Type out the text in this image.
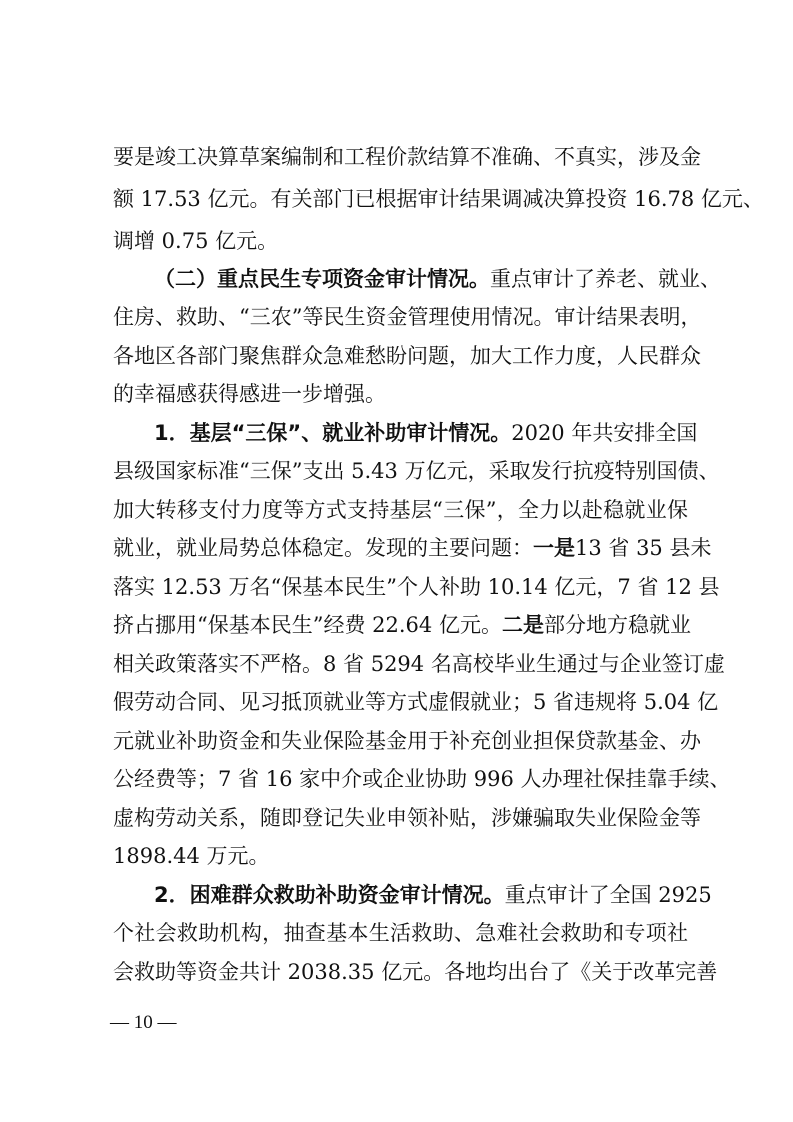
要是竣工决算草案编制和工程价款结算不准确、不真实，涉及金
额 17.53 亿元。有关部门已根据审计结果调减决算投资 16.78 亿元、
调增 0.75 亿元。
（二）重点民生专项资金审计情况。重点审计了养老、就业、
住房、救助、“三农”等民生资金管理使用情况。审计结果表明，
各地区各部门聚焦群众急难愁盼问题，加大工作力度，人民群众
的幸福感获得感进一步增强。
1．基层“三保”、就业补助审计情况。2020 年共安排全国
县级国家标准“三保”支出 5.43 万亿元，采取发行抗疫特别国债、
加大转移支付力度等方式支持基层“三保”，全力以赴稳就业保
就业，就业局势总体稳定。发现的主要问题：一是13 省 35 县未
落实 12.53 万名“保基本民生”个人补助 10.14 亿元，7 省 12 县
挤占挪用“保基本民生”经费 22.64 亿元。二是部分地方稳就业
相关政策落实不严格。8 省 5294 名高校毕业生通过与企业签订虚
假劳动合同、见习抵顶就业等方式虚假就业；5 省违规将 5.04 亿
元就业补助资金和失业保险基金用于补充创业担保贷款基金、办
公经费等；7 省 16 家中介或企业协助 996 人办理社保挂靠手续、
虚构劳动关系，随即登记失业申领补贴，涉嫌骗取失业保险金等
1898.44 万元。
2．困难群众救助补助资金审计情况。重点审计了全国 2925
个社会救助机构，抽查基本生活救助、急难社会救助和专项社
会救助等资金共计 2038.35 亿元。各地均出台了《关于改革完善
— 10 —
